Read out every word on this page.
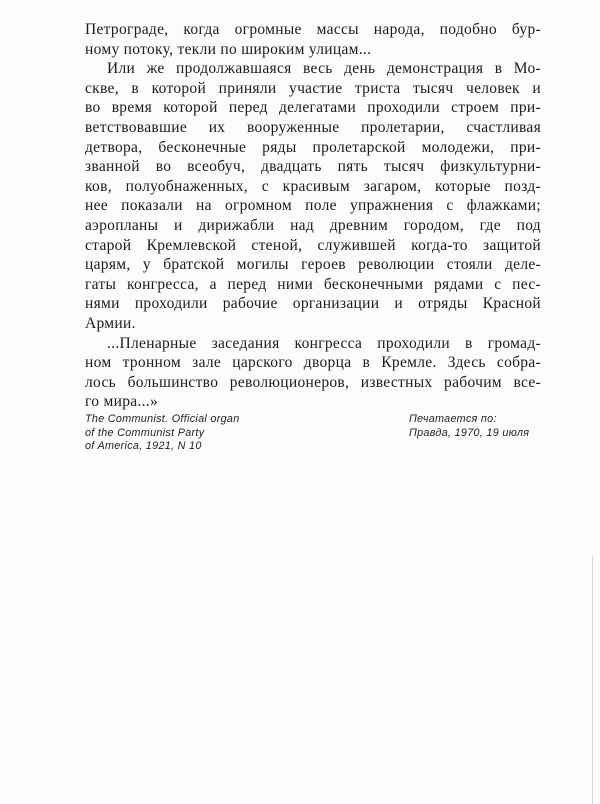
Петрограде, когда огромные массы народа, подобно бур-
ному потоку, текли по широким улицам...
Или же продолжавшаяся весь день демонстрация в Мо-
скве, в которой приняли участие триста тысяч человек и
во время которой перед делегатами проходили строем при-
ветствовавшие их вооруженные пролетарии, счастливая
детвора, бесконечные ряды пролетарской молодежи, при-
званной во всеобуч, двадцать пять тысяч физкультурни-
ков, полуобнаженных, с красивым загаром, которые позд-
нее показали на огромном поле упражнения с флажками;
аэропланы и дирижабли над древним городом, где под
старой Кремлевской стеной, служившей когда-то защитой
царям, у братской могилы героев революции стояли деле-
гаты конгресса, а перед ними бесконечными рядами с пес-
нями проходили рабочие организации и отряды Красной
Армии.
...Пленарные заседания конгресса проходили в громад-
ном тронном зале царского дворца в Кремле. Здесь собра-
лось большинство революционеров, известных рабочим все-
го мира...»
The Communist. Official organ
of the Communist Party
of America, 1921, N 10
Печатается по:
Правда, 1970, 19 июля
